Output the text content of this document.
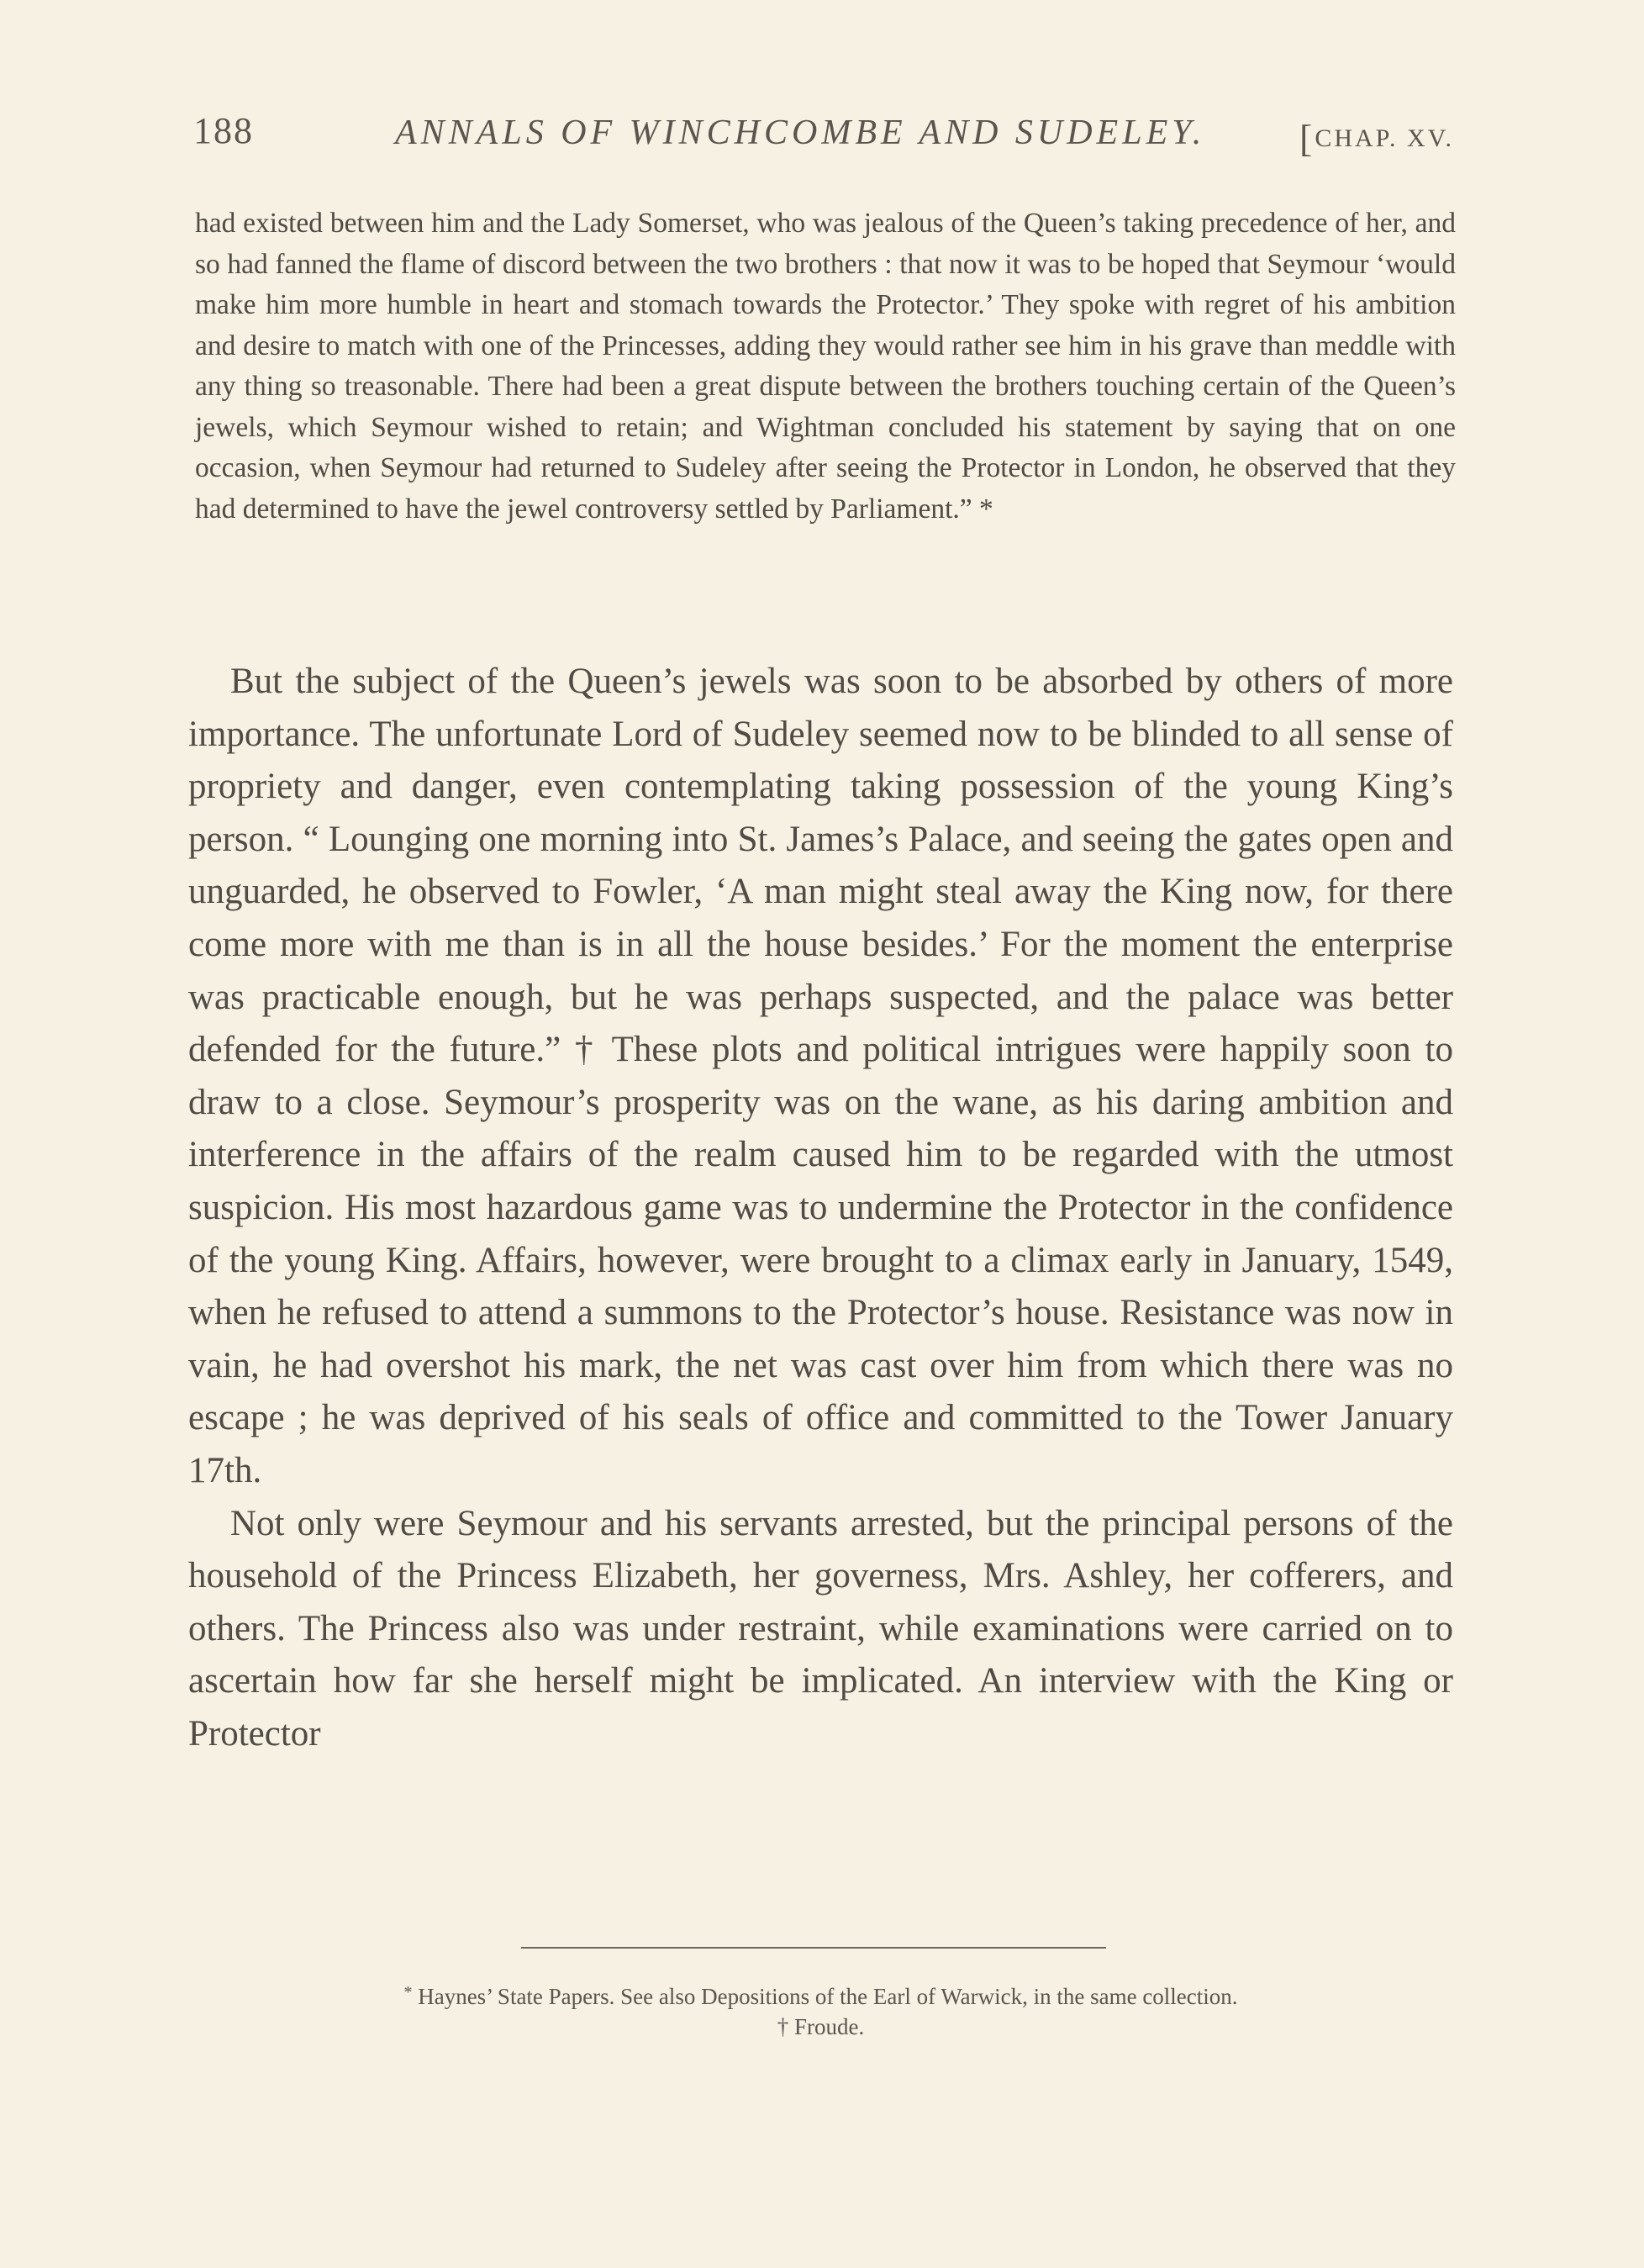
188	ANNALS OF WINCHCOMBE AND SUDELEY. [CHAP. XV.

had existed between him and the Lady Somerset, who was jealous of the Queen’s taking precedence of her, and so had fanned the flame of discord between the two brothers : that now it was to be hoped that Seymour ‘would make him more humble in heart and stomach towards the Protector.’ They spoke with regret of his ambition and desire to match with one of the Princesses, adding they would rather see him in his grave than meddle with any thing so treasonable. There had been a great dispute between the brothers touching certain of the Queen’s jewels, which Seymour wished to retain; and Wightman concluded his statement by saying that on one occasion, when Seymour had returned to Sudeley after seeing the Protector in London, he observed that they had determined to have the jewel controversy settled by Parliament.” *

But the subject of the Queen’s jewels was soon to be absorbed by others of more importance. The unfortunate Lord of Sudeley seemed now to be blinded to all sense of propriety and danger, even contemplating taking possession of the young King’s person. “ Lounging one morning into St. James’s Palace, and seeing the gates open and unguarded, he observed to Fowler, ‘A man might steal away the King now, for there come more with me than is in all the house besides.’ For the moment the enterprise was practicable enough, but he was perhaps suspected, and the palace was better defended for the future.” † These plots and political intrigues were happily soon to draw to a close. Seymour’s prosperity was on the wane, as his daring ambition and interference in the affairs of the realm caused him to be regarded with the utmost suspicion. His most hazardous game was to undermine the Protector in the confidence of the young King. Affairs, however, were brought to a climax early in January, 1549, when he refused to attend a summons to the Protector’s house. Resistance was now in vain, he had overshot his mark, the net was cast over him from which there was no escape ; he was deprived of his seals of office and committed to the Tower January 17th.

Not only were Seymour and his servants arrested, but the principal persons of the household of the Princess Elizabeth, her governess, Mrs. Ashley, her cofferers, and others. The Princess also was under restraint, while examinations were carried on to ascertain how far she herself might be implicated. An interview with the King or Protector

* Haynes’ State Papers. See also Depositions of the Earl of Warwick, in the same collection.

† Froude.
